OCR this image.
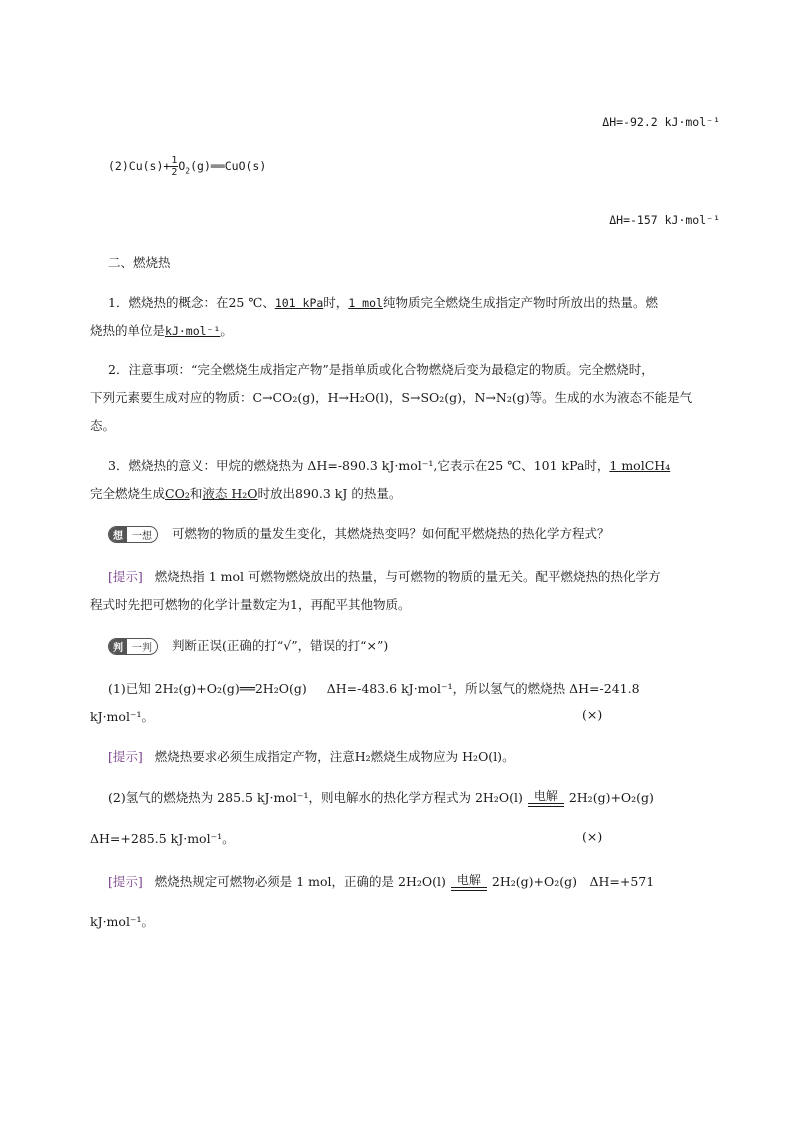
ΔH=-92.2 kJ·mol⁻¹
$(2)Cu(s)+ \frac{1}{2}$ $O_2(g)══CuO(s)$
ΔH=-157 kJ·mol⁻¹
二、燃烧热
1．燃烧热的概念：在25 ℃、101 kPa时，1 mol纯物质完全燃烧生成指定产物时所放出的热量。燃
烧热的单位是kJ·mol⁻¹。
2．注意事项：“完全燃烧生成指定产物”是指单质或化合物燃烧后变为最稳定的物质。完全燃烧时，
下列元素要生成对应的物质：C→CO₂(g)，H→H₂O(l)，S→SO₂(g)，N→N₂(g)等。生成的水为液态不能是气
态。
3．燃烧热的意义：甲烷的燃烧热为 ΔH=-890.3 kJ·mol⁻¹,它表示在25 ℃、101 kPa时，1 molCH₄
完全燃烧生成CO₂和液态 H₂O时放出890.3 kJ 的热量。
想 一想	可燃物的物质的量发生变化，其燃烧热变吗？如何配平燃烧热的热化学方程式？
[提示] 燃烧热指 1 mol 可燃物燃烧放出的热量，与可燃物的物质的量无关。配平燃烧热的热化学方
程式时先把可燃物的化学计量数定为1，再配平其他物质。
判 一判	判断正误(正确的打“√”，错误的打“×”)
(1)已知 2H₂(g)+O₂(g)══2H₂O(g) ΔH=-483.6 kJ·mol⁻¹，所以氢气的燃烧热 ΔH=-241.8
kJ·mol⁻¹。	(×)
[提示] 燃烧热要求必须生成指定产物，注意H₂燃烧生成物应为 H₂O(l)。
(2)氢气的燃烧热为 285.5 kJ·mol⁻¹，则电解水的热化学方程式为 2H₂O(l) 电解 2H₂(g)+O₂(g)
ΔH=+285.5 kJ·mol⁻¹。	(×)
[提示] 燃烧热规定可燃物必须是 1 mol，正确的是 2H₂O(l) 电解 2H₂(g)+O₂(g)　ΔH=+571
kJ·mol⁻¹。
